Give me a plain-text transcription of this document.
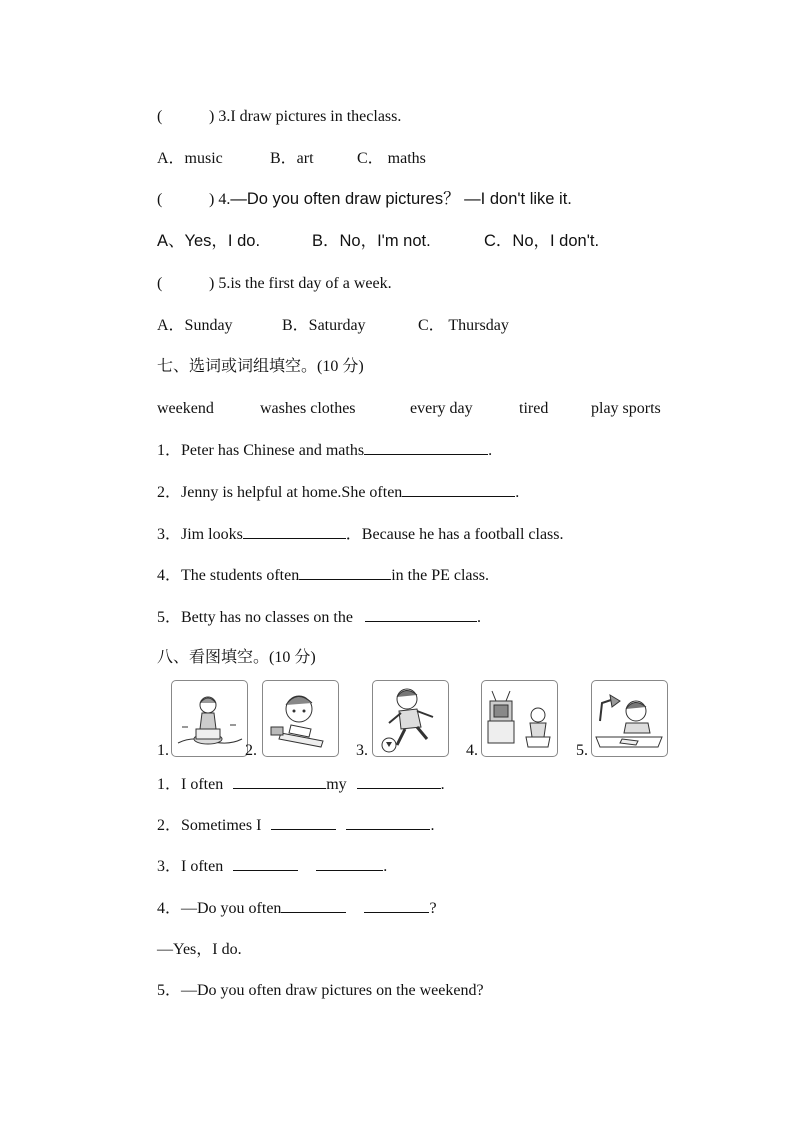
(	) 3.I draw pictures in theclass.
A．music	B．art	C． maths
(	) 4.—Do you often draw pictures？ —I don't like it.
A、Yes，I do.	B．No，I'm not.	C．No，I don't.
(	) 5.is the first day of a week.
A．Sunday	B．Saturday	C． Thursday
七、选词或词组填空。(10 分)
weekend	washes clothes	every day	tired	play sports
1．Peter has Chinese and maths	.
2．Jenny is helpful at home.She often	.
3．Jim looks	．Because he has a football class.
4．The students often	in the PE class.
5．Betty has no classes on the	.
八、看图填空。(10 分)
1.	2.	3.	4.	5.
1．I often	my	.
2．Sometimes I	.
3．I often	.
4．—Do you often	?
—Yes，I do.
5．—Do you often draw pictures on the weekend?
